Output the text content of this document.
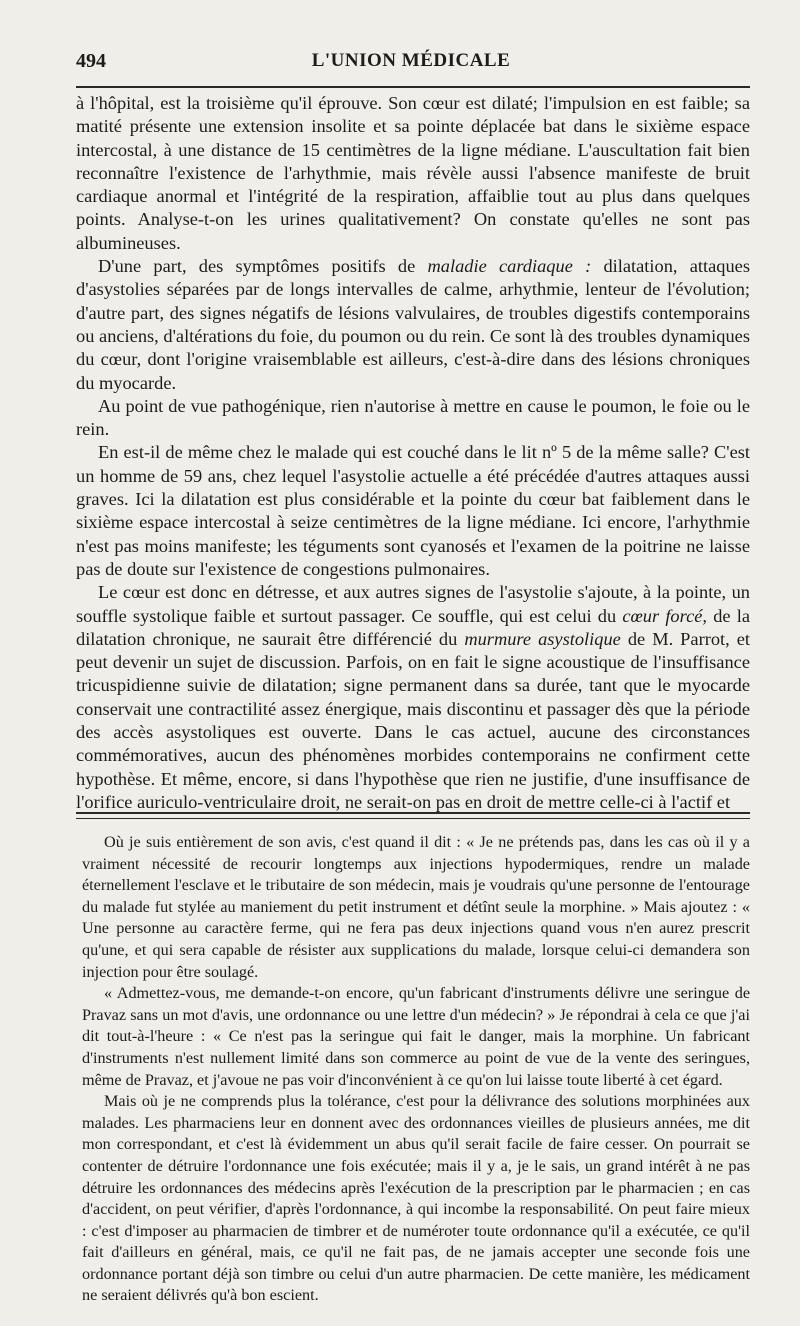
494	L'UNION MÉDICALE

à l'hôpital, est la troisième qu'il éprouve. Son cœur est dilaté; l'impulsion en est faible; sa matité présente une extension insolite et sa pointe déplacée bat dans le sixième espace intercostal, à une distance de 15 centimètres de la ligne médiane. L'auscultation fait bien reconnaître l'existence de l'arhythmie, mais révèle aussi l'absence manifeste de bruit cardiaque anormal et l'intégrité de la respiration, affaiblie tout au plus dans quelques points. Analyse-t-on les urines qualitativement? On constate qu'elles ne sont pas albumineuses.

D'une part, des symptômes positifs de maladie cardiaque : dilatation, attaques d'asystolies séparées par de longs intervalles de calme, arhythmie, lenteur de l'évolution; d'autre part, des signes négatifs de lésions valvulaires, de troubles digestifs contemporains ou anciens, d'altérations du foie, du poumon ou du rein. Ce sont là des troubles dynamiques du cœur, dont l'origine vraisemblable est ailleurs, c'est-à-dire dans des lésions chroniques du myocarde.

Au point de vue pathogénique, rien n'autorise à mettre en cause le poumon, le foie ou le rein.

En est-il de même chez le malade qui est couché dans le lit nº 5 de la même salle? C'est un homme de 59 ans, chez lequel l'asystolie actuelle a été précédée d'autres attaques aussi graves. Ici la dilatation est plus considérable et la pointe du cœur bat faiblement dans le sixième espace intercostal à seize centimètres de la ligne médiane. Ici encore, l'arhythmie n'est pas moins manifeste; les téguments sont cyanosés et l'examen de la poitrine ne laisse pas de doute sur l'existence de congestions pulmonaires.

Le cœur est donc en détresse, et aux autres signes de l'asystolie s'ajoute, à la pointe, un souffle systolique faible et surtout passager. Ce souffle, qui est celui du cœur forcé, de la dilatation chronique, ne saurait être différencié du murmure asystolique de M. Parrot, et peut devenir un sujet de discussion. Parfois, on en fait le signe acoustique de l'insuffisance tricuspidienne suivie de dilatation; signe permanent dans sa durée, tant que le myocarde conservait une contractilité assez énergique, mais discontinu et passager dès que la période des accès asystoliques est ouverte. Dans le cas actuel, aucune des circonstances commémoratives, aucun des phénomènes morbides contemporains ne confirment cette hypothèse. Et même, encore, si dans l'hypothèse que rien ne justifie, d'une insuffisance de l'orifice auriculo-ventriculaire droit, ne serait-on pas en droit de mettre celle-ci à l'actif et

Où je suis entièrement de son avis, c'est quand il dit : « Je ne prétends pas, dans les cas où il y a vraiment nécessité de recourir longtemps aux injections hypodermiques, rendre un malade éternellement l'esclave et le tributaire de son médecin, mais je voudrais qu'une personne de l'entourage du malade fut stylée au maniement du petit instrument et détînt seule la morphine. » Mais ajoutez : « Une personne au caractère ferme, qui ne fera pas deux injections quand vous n'en aurez prescrit qu'une, et qui sera capable de résister aux supplications du malade, lorsque celui-ci demandera son injection pour être soulagé.

« Admettez-vous, me demande-t-on encore, qu'un fabricant d'instruments délivre une seringue de Pravaz sans un mot d'avis, une ordonnance ou une lettre d'un médecin? » Je répondrai à cela ce que j'ai dit tout-à-l'heure : « Ce n'est pas la seringue qui fait le danger, mais la morphine. Un fabricant d'instruments n'est nullement limité dans son commerce au point de vue de la vente des seringues, même de Pravaz, et j'avoue ne pas voir d'inconvénient à ce qu'on lui laisse toute liberté à cet égard.

Mais où je ne comprends plus la tolérance, c'est pour la délivrance des solutions morphinées aux malades. Les pharmaciens leur en donnent avec des ordonnances vieilles de plusieurs années, me dit mon correspondant, et c'est là évidemment un abus qu'il serait facile de faire cesser. On pourrait se contenter de détruire l'ordonnance une fois exécutée; mais il y a, je le sais, un grand intérêt à ne pas détruire les ordonnances des médecins après l'exécution de la prescription par le pharmacien ; en cas d'accident, on peut vérifier, d'après l'ordonnance, à qui incombe la responsabilité. On peut faire mieux : c'est d'imposer au pharmacien de timbrer et de numéroter toute ordonnance qu'il a exécutée, ce qu'il fait d'ailleurs en général, mais, ce qu'il ne fait pas, de ne jamais accepter une seconde fois une ordonnance portant déjà son timbre ou celui d'un autre pharmacien. De cette manière, les médicament ne seraient délivrés qu'à bon escient.
